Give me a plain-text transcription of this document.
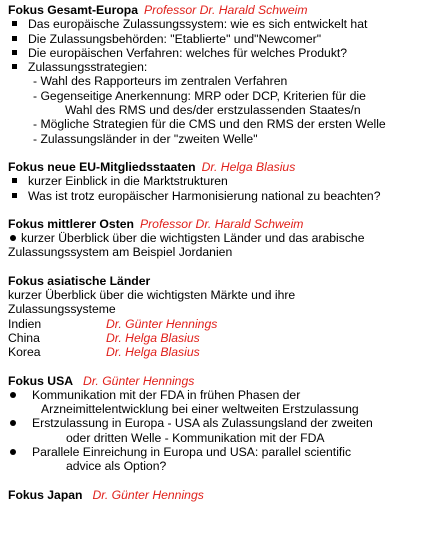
Fokus Gesamt-Europa Professor Dr. Harald Schweim
Das europäische Zulassungssystem: wie es sich entwickelt hat
Die Zulassungsbehörden: "Etablierte" und"Newcomer"
Die europäischen Verfahren: welches für welches Produkt?
Zulassungsstrategien:
- Wahl des Rapporteurs im zentralen Verfahren
- Gegenseitige Anerkennung: MRP oder DCP, Kriterien für die
Wahl des RMS und des/der erstzulassenden Staates/n
- Mögliche Strategien für die CMS und den RMS der ersten Welle
- Zulassungsländer in der "zweiten Welle"
Fokus neue EU-Mitgliedsstaaten Dr. Helga Blasius
kurzer Einblick in die Marktstrukturen
Was ist trotz europäischer Harmonisierung national zu beachten?
Fokus mittlerer Osten Professor Dr. Harald Schweim
kurzer Überblick über die wichtigsten Länder und das arabische
Zulassungssystem am Beispiel Jordanien
Fokus asiatische Länder
kurzer Überblick über die wichtigsten Märkte und ihre
Zulassungssysteme
Indien	Dr. Günter Hennings
China	Dr. Helga Blasius
Korea	Dr. Helga Blasius
Fokus USA Dr. Günter Hennings
Kommunikation mit der FDA in frühen Phasen der
Arzneimittelentwicklung bei einer weltweiten Erstzulassung
Erstzulassung in Europa - USA als Zulassungsland der zweiten
oder dritten Welle - Kommunikation mit der FDA
Parallele Einreichung in Europa und USA: parallel scientific
advice als Option?
Fokus Japan Dr. Günter Hennings
